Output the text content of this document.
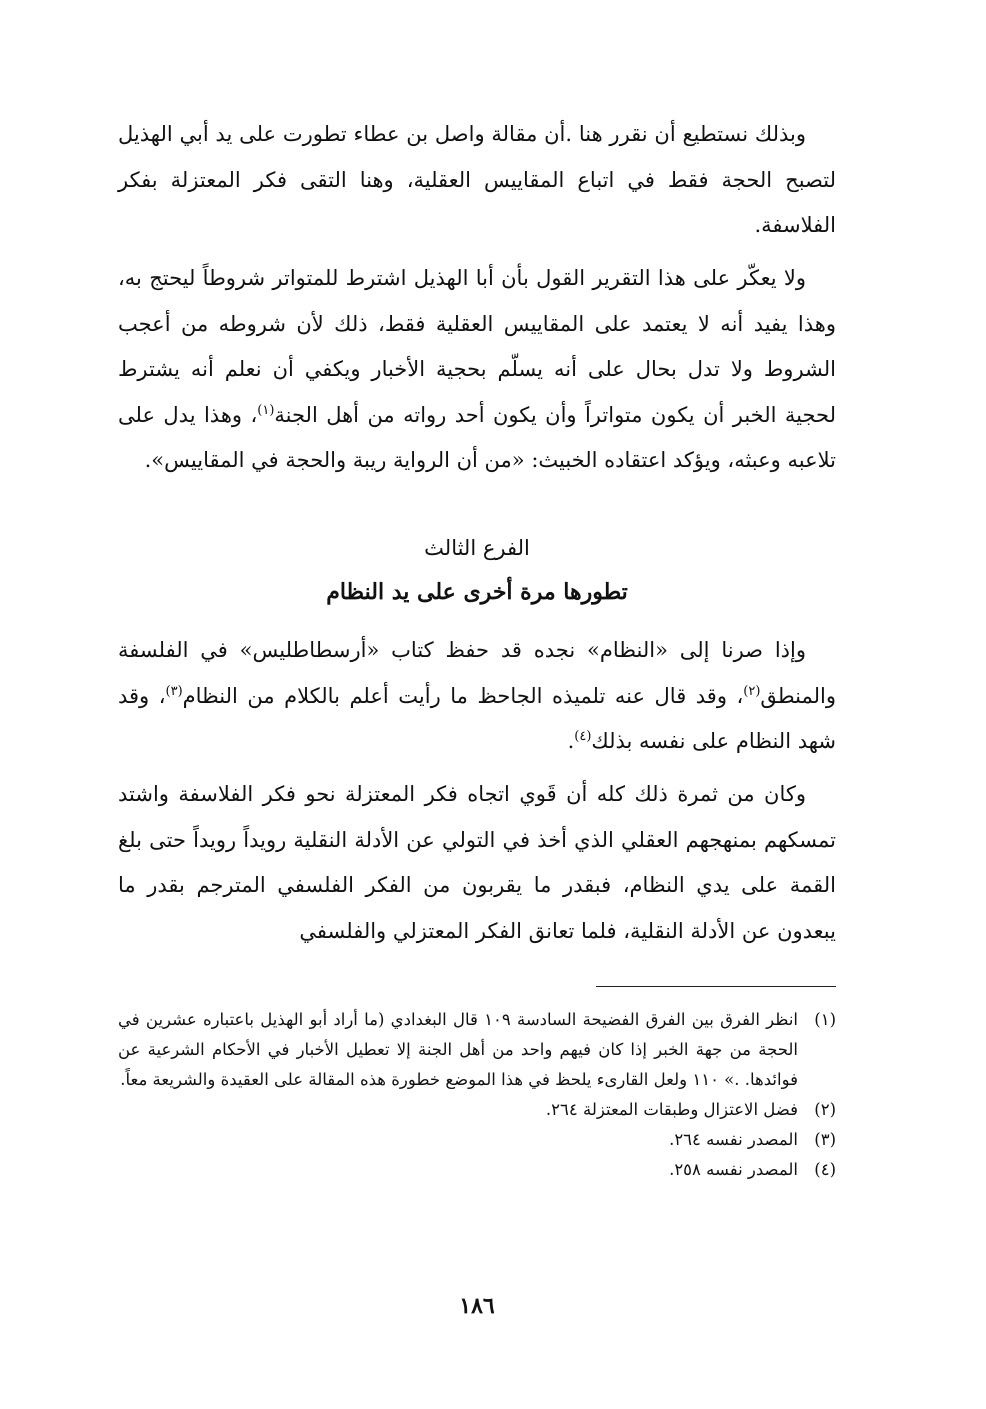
وبذلك نستطيع أن نقرر هنا .أن مقالة واصل بن عطاء تطورت على يد أبي الهذيل لتصبح الحجة فقط في اتباع المقاييس العقلية، وهنا التقى فكر المعتزلة بفكر الفلاسفة.

ولا يعكّر على هذا التقرير القول بأن أبا الهذيل اشترط للمتواتر شروطاً ليحتج به، وهذا يفيد أنه لا يعتمد على المقاييس العقلية فقط، ذلك لأن شروطه من أعجب الشروط ولا تدل بحال على أنه يسلّم بحجية الأخبار ويكفي أن نعلم أنه يشترط لحجية الخبر أن يكون متواتراً وأن يكون أحد رواته من أهل الجنة$^{(١)}$، وهذا يدل على تلاعبه وعبثه، ويؤكد اعتقاده الخبيث: «من أن الرواية ريبة والحجة في المقاييس».

الفرع الثالث
تطورها مرة أخرى على يد النظام

وإذا صرنا إلى «النظام» نجده قد حفظ كتاب «أرسطاطليس» في الفلسفة والمنطق$^{(٢)}$، وقد قال عنه تلميذه الجاحظ ما رأيت أعلم بالكلام من النظام$^{(٣)}$، وقد شهد النظام على نفسه بذلك$^{(٤)}$.

وكان من ثمرة ذلك كله أن قَوي اتجاه فكر المعتزلة نحو فكر الفلاسفة واشتد تمسكهم بمنهجهم العقلي الذي أخذ في التولي عن الأدلة النقلية رويداً رويداً حتى بلغ القمة على يدي النظام، فبقدر ما يقربون من الفكر الفلسفي المترجم بقدر ما يبعدون عن الأدلة النقلية، فلما تعانق الفكر المعتزلي والفلسفي

(١)
انظر الفرق بين الفرق الفضيحة السادسة ١٠٩ قال البغدادي (ما أراد أبو الهذيل باعتباره عشرين في الحجة من جهة الخبر إذا كان فيهم واحد من أهل الجنة إلا تعطيل الأخبار في الأحكام الشرعية عن فوائدها. .» ١١٠ ولعل القارىء يلحظ في هذا الموضع خطورة هذه المقالة على العقيدة والشريعة معاً.
(٢)
فضل الاعتزال وطبقات المعتزلة ٢٦٤.
(٣)
المصدر نفسه ٢٦٤.
(٤)
المصدر نفسه ٢٥٨.
١٨٦
